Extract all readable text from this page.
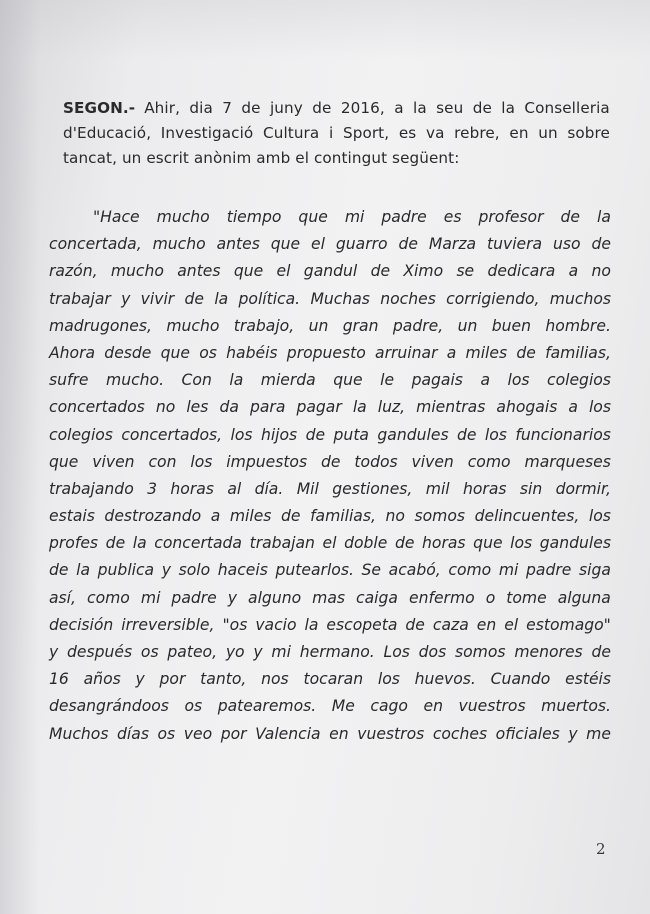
SEGON.- Ahir, dia 7 de juny de 2016, a la seu de la Conselleria
d'Educació, Investigació Cultura i Sport, es va rebre, en un sobre
tancat, un escrit anònim amb el contingut següent:
"Hace mucho tiempo que mi padre es profesor de la
concertada, mucho antes que el guarro de Marza tuviera uso de
razón, mucho antes que el gandul de Ximo se dedicara a no
trabajar y vivir de la política. Muchas noches corrigiendo, muchos
madrugones, mucho trabajo, un gran padre, un buen hombre.
Ahora desde que os habéis propuesto arruinar a miles de familias,
sufre mucho. Con la mierda que le pagais a los colegios
concertados no les da para pagar la luz, mientras ahogais a los
colegios concertados, los hijos de puta gandules de los funcionarios
que viven con los impuestos de todos viven como marqueses
trabajando 3 horas al día. Mil gestiones, mil horas sin dormir,
estais destrozando a miles de familias, no somos delincuentes, los
profes de la concertada trabajan el doble de horas que los gandules
de la publica y solo haceis putearlos. Se acabó, como mi padre siga
así, como mi padre y alguno mas caiga enfermo o tome alguna
decisión irreversible, "os vacio la escopeta de caza en el estomago"
y después os pateo, yo y mi hermano. Los dos somos menores de
16 años y por tanto, nos tocaran los huevos. Cuando estéis
desangrándoos os patearemos. Me cago en vuestros muertos.
Muchos días os veo por Valencia en vuestros coches oficiales y me
2
